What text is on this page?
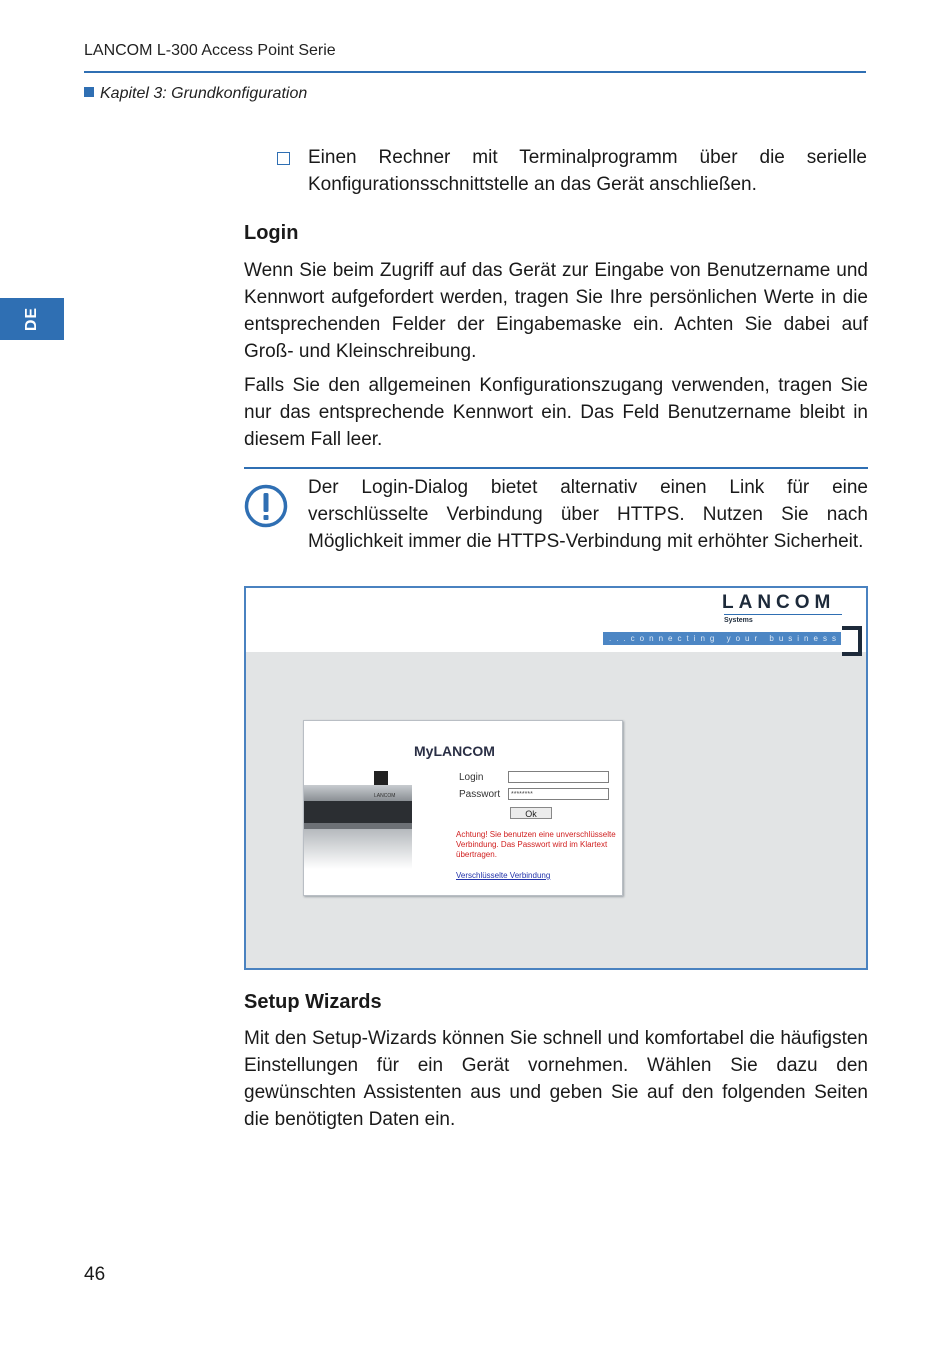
LANCOM L-300 Access Point Serie
Kapitel 3: Grundkonfiguration
DE

Einen Rechner mit Terminalprogramm über die serielle Konfigurationsschnittstelle an das Gerät anschließen.

Login

Wenn Sie beim Zugriff auf das Gerät zur Eingabe von Benutzername und Kennwort aufgefordert werden, tragen Sie Ihre persönlichen Werte in die entsprechenden Felder der Eingabemaske ein. Achten Sie dabei auf Groß- und Kleinschreibung.

Falls Sie den allgemeinen Konfigurationszugang verwenden, tragen Sie nur das entsprechende Kennwort ein. Das Feld Benutzername bleibt in diesem Fall leer.

Der Login-Dialog bietet alternativ einen Link für eine verschlüsselte Verbindung über HTTPS. Nutzen Sie nach Möglichkeit immer die HTTPS-Verbindung mit erhöhter Sicherheit.

LANCOM
Systems
...connecting your business
LANCOM
MyLANCOM
Login
Passwort	********
Ok

Achtung! Sie benutzen eine unverschlüsselte Verbindung. Das Passwort wird im Klartext übertragen.

Verschlüsselte Verbindung
Setup Wizards

Mit den Setup-Wizards können Sie schnell und komfortabel die häufigsten Einstellungen für ein Gerät vornehmen. Wählen Sie dazu den gewünschten Assistenten aus und geben Sie auf den folgenden Seiten die benötigten Daten ein.

46
